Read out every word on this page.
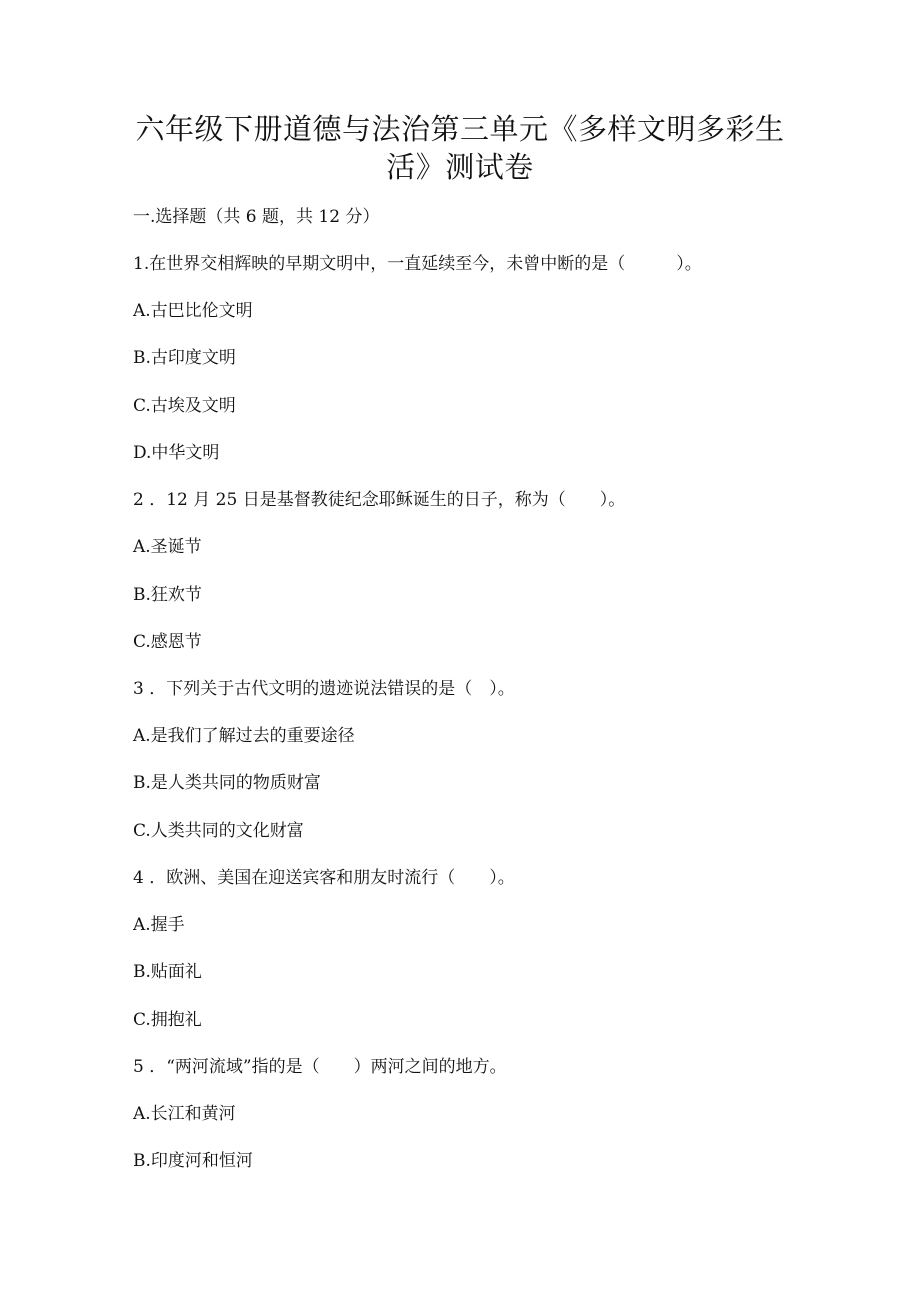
六年级下册道德与法治第三单元《多样文明多彩生
活》测试卷
一.选择题（共 6 题，共 12 分）
1.在世界交相辉映的早期文明中，一直延续至今，未曾中断的是（　　　）。
A.古巴比伦文明
B.古印度文明
C.古埃及文明
D.中华文明
2 ．12 月 25 日是基督教徒纪念耶稣诞生的日子，称为（　　）。
A.圣诞节
B.狂欢节
C.感恩节
3 ．下列关于古代文明的遗迹说法错误的是（　）。
A.是我们了解过去的重要途径
B.是人类共同的物质财富
C.人类共同的文化财富
4 ．欧洲、美国在迎送宾客和朋友时流行（　　）。
A.握手
B.贴面礼
C.拥抱礼
5 ．“两河流域”指的是（　　）两河之间的地方。
A.长江和黄河
B.印度河和恒河
